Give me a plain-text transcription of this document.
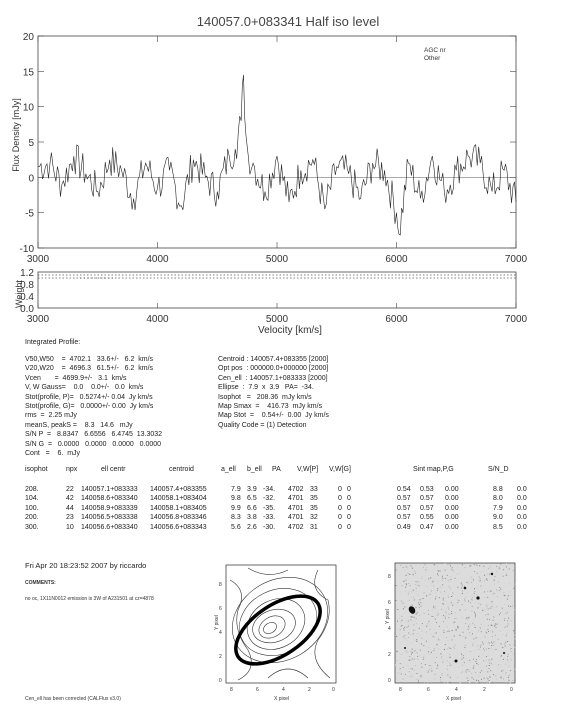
140057.0+083341 Half iso level
-10
-5
0
5
10
15
20
3000	4000	5000	6000	7000
0.0
0.4
0.8
1.2
3000	4000	5000	6000	7000
Flux Density [mJy]
AGC nr
Other
Weight
Velocity [km/s]
Integrated Profile:
V50,W50    =  4702.1   33.6+/-   6.2  km/s
V20,W20    =  4696.3   61.5+/-   6.2  km/s
Vcen       =  4699.9+/-   3.1  km/s
V, W Gauss=    0.0    0.0+/-   0.0  km/s
Stot(profile, P)=   0.5274+/- 0.04  Jy km/s
Stot(profile, G)=   0.0000+/- 0.00  Jy km/s
rms  =  2.25 mJy
meanS, peakS =    8.3   14.6   mJy
S/N P  =   8.8347   6.6556   6.4745  13.3032
S/N G  =   0.0000   0.0000   0.0000   0.0000
Cont   =    6.  mJy
Centroid : 140057.4+083355 [2000]
Opt pos  : 000000.0+000000 [2000]
Cen_ell  : 140057.1+083333 [2000]
Ellipse  :  7.9  x  3.9   PA=  -34.
Isophot   =   208.36  mJy km/s
Map Smax  =    416.73  mJy km/s
Map Stot  =    0.54+/-  0.00  Jy km/s
Quality Code = (1) Detection
isophot	npx	ell centr	centroid	a_ell b_ell PA V,W[P] V,W[G]	Sint map,P,G	S/N_D
208.	22 140057.1+083333 140057.4+083355	7.9 3.9 -34. 4702 33	0 0	0.54 0.53 0.00	8.8 0.0
104.	42 140058.6+083340 140058.1+083404	9.8 6.5 -32. 4701 35	0 0	0.57 0.57 0.00	8.0 0.0
100.	44 140058.9+083339 140058.1+083405	9.9 6.6 -35. 4701 35	0 0	0.57 0.57 0.00	7.9 0.0
200.	23 140056.5+083338 140056.8+083346	8.3 3.8 -33. 4701 32	0 0	0.57 0.55 0.00	9.0 0.0
300.	10 140056.6+083340 140056.6+083343	5.6 2.6 -30. 4702 31	0 0	0.49 0.47 0.00	8.5 0.0
Fri Apr 20 18:23:52 2007 by riccardo
COMMENTS:
no oc, 1X11N0012 emission is 3W of A231501 at cz=4878
Cen_ell has been corrected (CALFlux v3.0)
8	6	4	2	0
0
2
4
6
8
X pixel
Y pixel
8	6	4	2	0
0
2
4
6
8
X pixel
Y pixel
